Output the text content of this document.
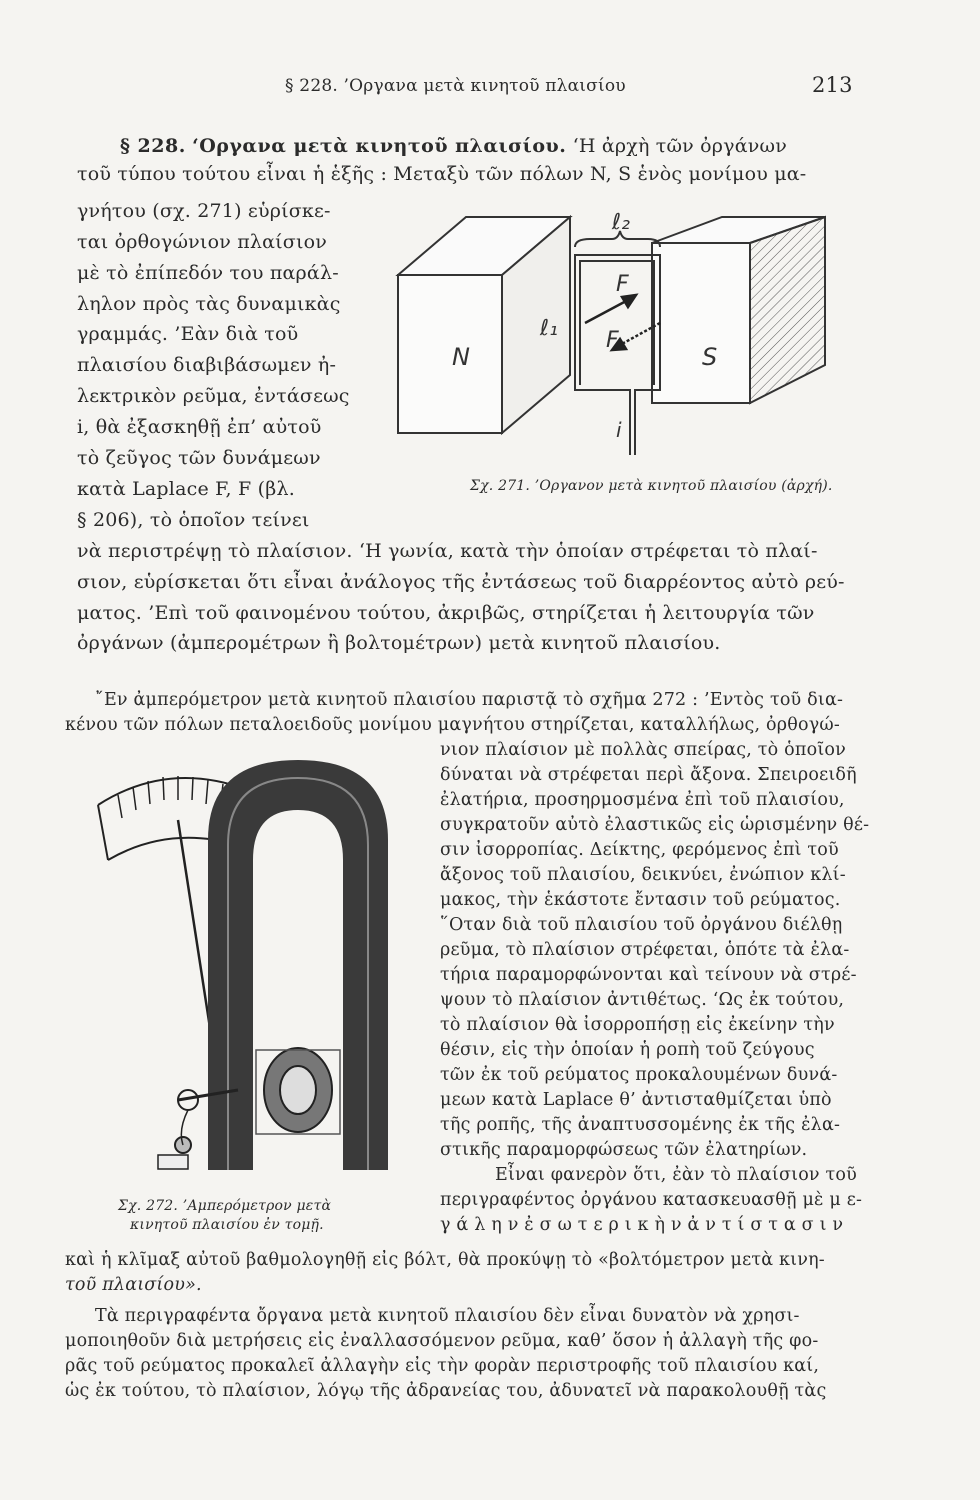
§ 228. ’Οργανα μετὰ κινητοῦ πλαισίου	213
§ 228. ‘Οργανα μετὰ κινητοῦ πλαισίου. ‘Η ἀρχὴ τῶν ὀργάνων
τοῦ τύπου τούτου εἶναι ἡ ἑξῆς : Μεταξὺ τῶν πόλων N, S ἑνὸς μονίμου μα-
γνήτου (σχ. 271) εὑρίσκε-
ται ὀρθογώνιον πλαίσιον
μὲ τὸ ἐπίπεδόν του παράλ-
ληλον πρὸς τὰς δυναμικὰς
γραμμάς. ’Εὰν διὰ τοῦ
πλαισίου διαβιβάσωμεν ἠ-
λεκτρικὸν ρεῦμα, ἐντάσεως
i, θὰ ἐξασκηθῇ ἐπ’ αὐτοῦ
τὸ ζεῦγος τῶν δυνάμεων
κατὰ Laplace F, F (βλ.
§ 206), τὸ ὁποῖον τείνει
N	S
ℓ₁
ℓ₂
F
F
i
Σχ. 271. ’Οργανον μετὰ κινητοῦ πλαισίου (ἀρχή).
νὰ περιστρέψῃ τὸ πλαίσιον. ‘Η γωνία, κατὰ τὴν ὁποίαν στρέφεται τὸ πλαί-
σιον, εὑρίσκεται ὅτι εἶναι ἀνάλογος τῆς ἐντάσεως τοῦ διαρρέοντος αὐτὸ ρεύ-
ματος. ’Επὶ τοῦ φαινομένου τούτου, ἀκριβῶς, στηρίζεται ἡ λειτουργία τῶν
ὀργάνων (ἀμπερομέτρων ἢ βολτομέτρων) μετὰ κινητοῦ πλαισίου.
῎Εν ἀμπερόμετρον μετὰ κινητοῦ πλαισίου παριστᾷ τὸ σχῆμα 272 : ’Εντὸς τοῦ δια-
κένου τῶν πόλων πεταλοειδοῦς μονίμου μαγνήτου στηρίζεται, καταλλήλως, ὀρθογώ-
νιον πλαίσιον μὲ πολλὰς σπείρας, τὸ ὁποῖον
δύναται νὰ στρέφεται περὶ ἄξονα. Σπειροειδῆ
ἐλατήρια, προσηρμοσμένα ἐπὶ τοῦ πλαισίου,
συγκρατοῦν αὐτὸ ἐλαστικῶς εἰς ὡρισμένην θέ-
σιν ἰσορροπίας. Δείκτης, φερόμενος ἐπὶ τοῦ
ἄξονος τοῦ πλαισίου, δεικνύει, ἐνώπιον κλί-
μακος, τὴν ἑκάστοτε ἔντασιν τοῦ ρεύματος.
῞Οταν διὰ τοῦ πλαισίου τοῦ ὀργάνου διέλθῃ
ρεῦμα, τὸ πλαίσιον στρέφεται, ὁπότε τὰ ἐλα-
τήρια παραμορφώνονται καὶ τείνουν νὰ στρέ-
ψουν τὸ πλαίσιον ἀντιθέτως. ‘Ως ἐκ τούτου,
τὸ πλαίσιον θὰ ἰσορροπήσῃ εἰς ἐκείνην τὴν
θέσιν, εἰς τὴν ὁποίαν ἡ ροπὴ τοῦ ζεύγους
τῶν ἐκ τοῦ ρεύματος προκαλουμένων δυνά-
μεων κατὰ Laplace θ’ ἀντισταθμίζεται ὑπὸ
τῆς ροπῆς, τῆς ἀναπτυσσομένης ἐκ τῆς ἐλα-
στικῆς παραμορφώσεως τῶν ἐλατηρίων.
Εἶναι φανερὸν ὅτι, ἐὰν τὸ πλαίσιον τοῦ
περιγραφέντος ὀργάνου κατασκευασθῇ μὲ μ ε-
γ ά λ η ν ἐ σ ω τ ε ρ ι κ ὴ ν ἀ ν τ ί σ τ α σ ι ν
Σχ. 272. ’Αμπερόμετρον μετὰ
κινητοῦ πλαισίου ἐν τομῇ.
καὶ ἡ κλῖμαξ αὐτοῦ βαθμολογηθῇ εἰς βόλτ, θὰ προκύψῃ τὸ «βολτόμετρον μετὰ κινη-
τοῦ πλαισίου».
Τὰ περιγραφέντα ὄργανα μετὰ κινητοῦ πλαισίου δὲν εἶναι δυνατὸν νὰ χρησι-
μοποιηθοῦν διὰ μετρήσεις εἰς ἐναλλασσόμενον ρεῦμα, καθ’ ὅσον ἡ ἀλλαγὴ τῆς φο-
ρᾶς τοῦ ρεύματος προκαλεῖ ἀλλαγὴν εἰς τὴν φορὰν περιστροφῆς τοῦ πλαισίου καί,
ὡς ἐκ τούτου, τὸ πλαίσιον, λόγῳ τῆς ἀδρανείας του, ἀδυνατεῖ νὰ παρακολουθῇ τὰς
